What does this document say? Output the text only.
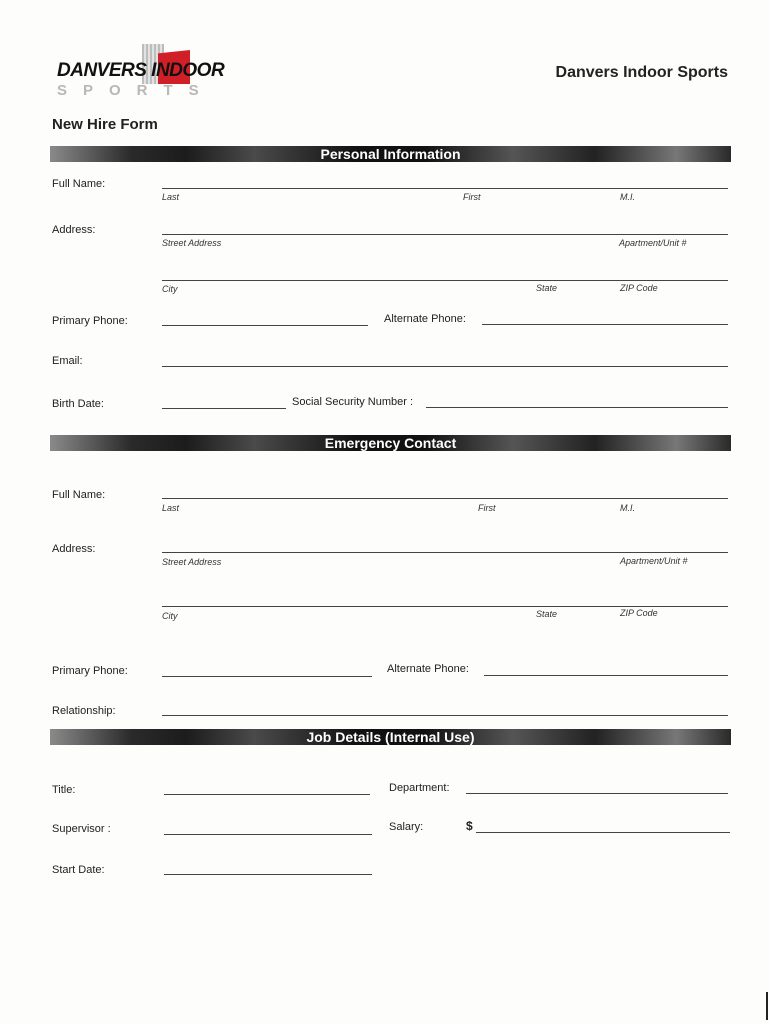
DANVERS INDOOR
SPORTS
Danvers Indoor Sports
New Hire Form
Personal Information
Full Name:
Last	First	M.I.
Address:
Street Address	Apartment/Unit #
City	State	ZIP Code
Primary Phone:	Alternate Phone:
Email:
Birth Date:	Social Security Number :
Emergency Contact
Full Name:
Last	First	M.I.
Address:
Street Address	Apartment/Unit #
City	State	ZIP Code
Primary Phone:	Alternate Phone:
Relationship:
Job Details (Internal Use)
Title:	Department:
Supervisor :	Salary:	$
Start Date:
